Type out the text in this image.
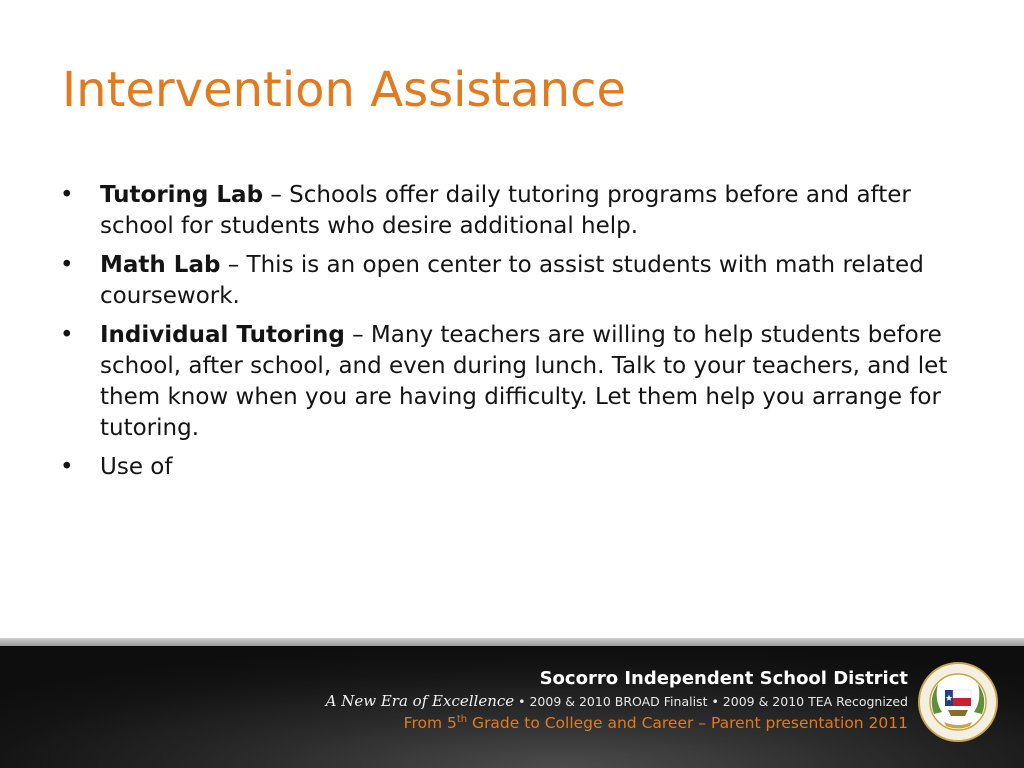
Intervention Assistance
• Tutoring Lab – Schools offer daily tutoring programs before and after school for students who desire additional help.
• Math Lab – This is an open center to assist students with math related coursework.
• Individual Tutoring – Many teachers are willing to help students before school, after school, and even during lunch. Talk to your teachers, and let them know when you are having difficulty. Let them help you arrange for tutoring.
• Use of

Socorro Independent School District

A New Era of Excellence • 2009 & 2010 BROAD Finalist • 2009 & 2010 TEA Recognized
From 5th Grade to College and Career – Parent presentation 2011
